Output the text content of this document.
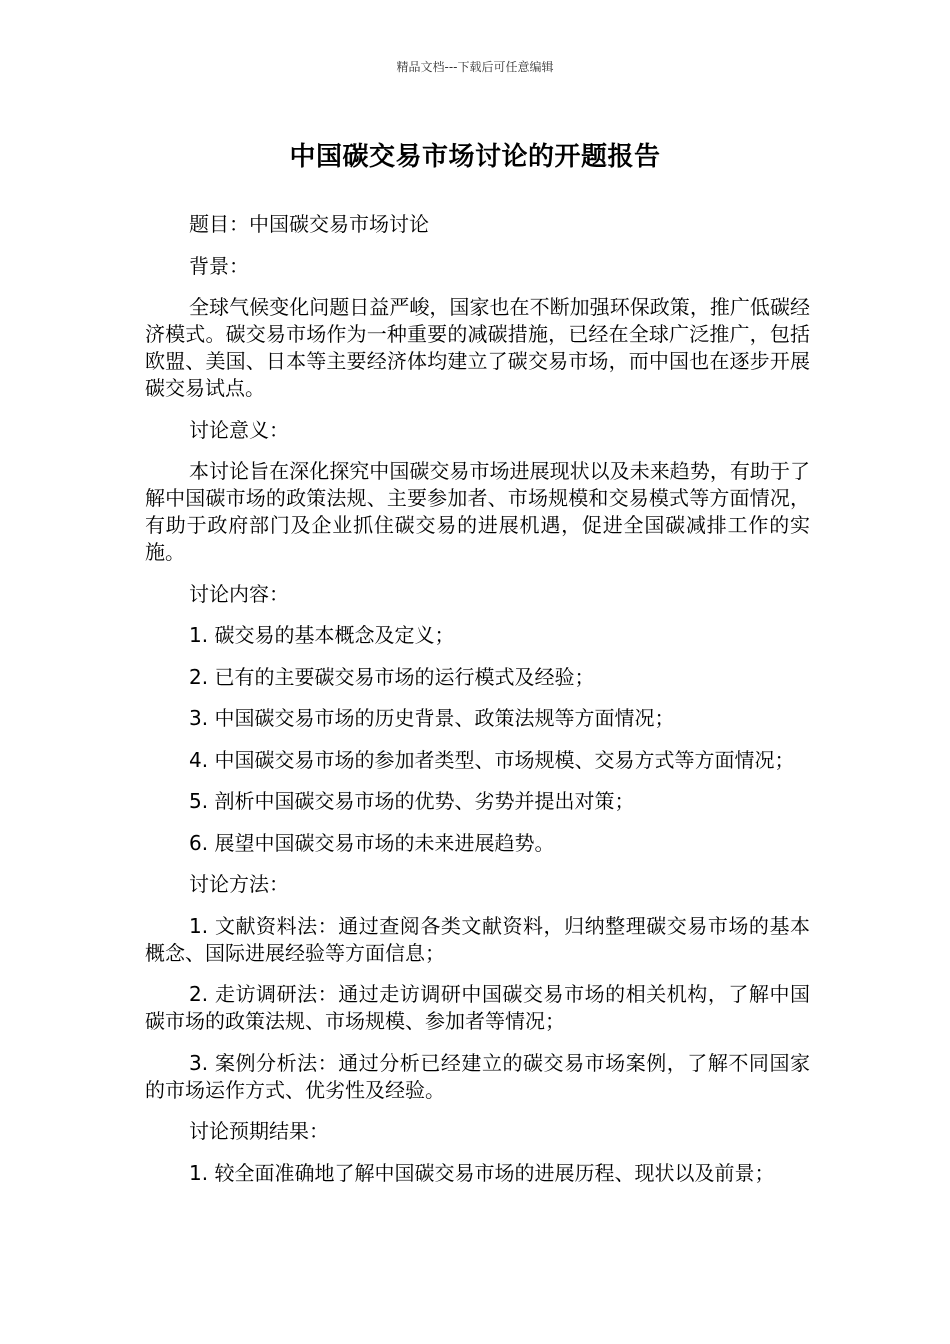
精品文档---下载后可任意编辑
中国碳交易市场讨论的开题报告

题目：中国碳交易市场讨论

背景：

全球气候变化问题日益严峻，国家也在不断加强环保政策，推广低碳经济模式。碳交易市场作为一种重要的减碳措施，已经在全球广泛推广，包括欧盟、美国、日本等主要经济体均建立了碳交易市场，而中国也在逐步开展碳交易试点。

讨论意义：

本讨论旨在深化探究中国碳交易市场进展现状以及未来趋势，有助于了解中国碳市场的政策法规、主要参加者、市场规模和交易模式等方面情况，有助于政府部门及企业抓住碳交易的进展机遇，促进全国碳减排工作的实施。

讨论内容：

1. 碳交易的基本概念及定义；

2. 已有的主要碳交易市场的运行模式及经验；

3. 中国碳交易市场的历史背景、政策法规等方面情况；

4. 中国碳交易市场的参加者类型、市场规模、交易方式等方面情况；

5. 剖析中国碳交易市场的优势、劣势并提出对策；

6. 展望中国碳交易市场的未来进展趋势。

讨论方法：

1. 文献资料法：通过查阅各类文献资料，归纳整理碳交易市场的基本概念、国际进展经验等方面信息；

2. 走访调研法：通过走访调研中国碳交易市场的相关机构，了解中国碳市场的政策法规、市场规模、参加者等情况；

3. 案例分析法：通过分析已经建立的碳交易市场案例，了解不同国家的市场运作方式、优劣性及经验。

讨论预期结果：

1. 较全面准确地了解中国碳交易市场的进展历程、现状以及前景；
